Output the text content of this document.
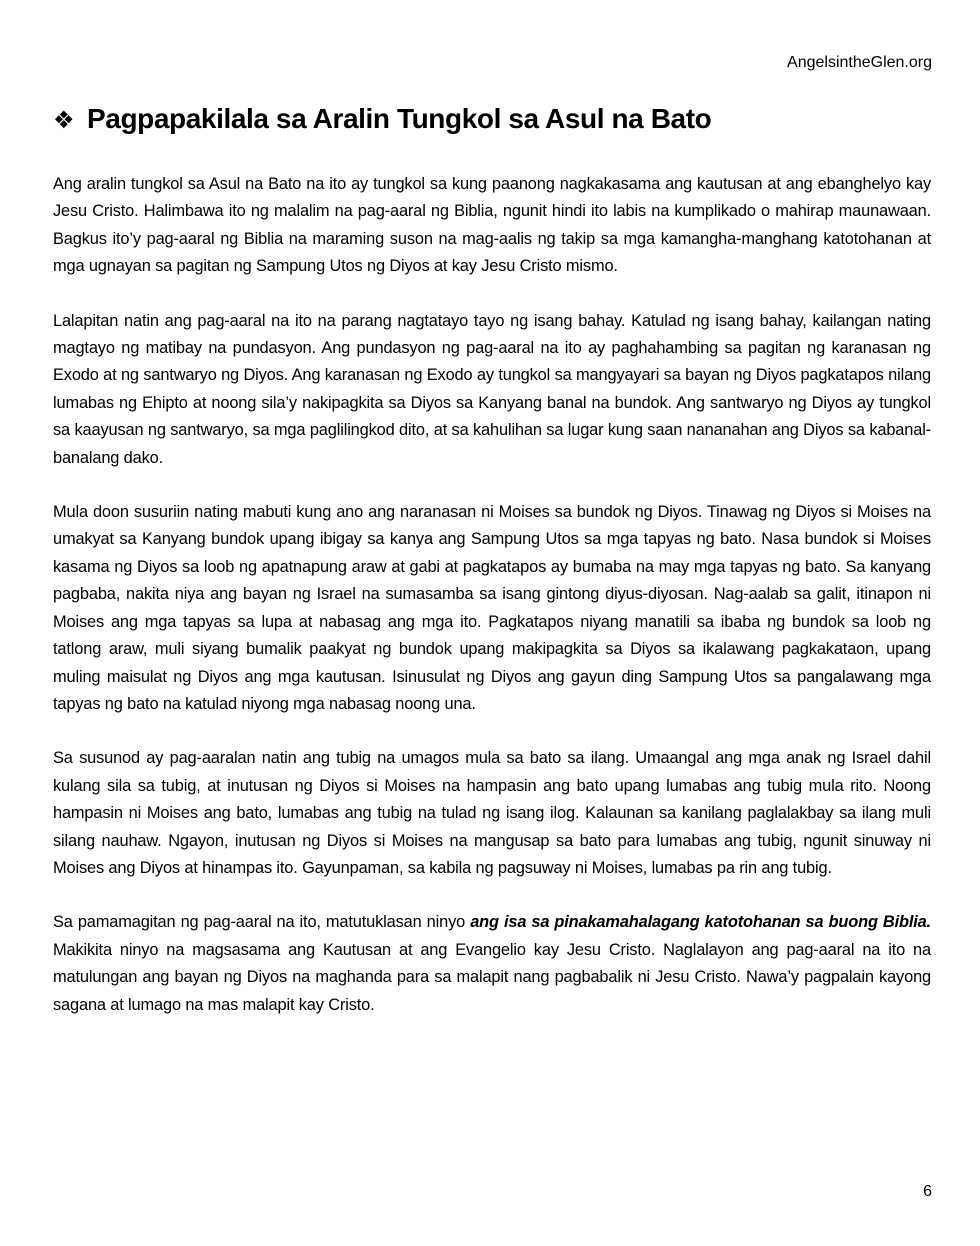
AngelsintheGlen.org
❖ Pagpapakilala sa Aralin Tungkol sa Asul na Bato

Ang aralin tungkol sa Asul na Bato na ito ay tungkol sa kung paanong nagkakasama ang kautusan at ang ebanghelyo kay Jesu Cristo. Halimbawa ito ng malalim na pag-aaral ng Biblia, ngunit hindi ito labis na kumplikado o mahirap maunawaan. Bagkus ito’y pag-aaral ng Biblia na maraming suson na mag-aalis ng takip sa mga kamangha-manghang katotohanan at mga ugnayan sa pagitan ng Sampung Utos ng Diyos at kay Jesu Cristo mismo.

Lalapitan natin ang pag-aaral na ito na parang nagtatayo tayo ng isang bahay. Katulad ng isang bahay, kailangan nating magtayo ng matibay na pundasyon. Ang pundasyon ng pag-aaral na ito ay paghahambing sa pagitan ng karanasan ng Exodo at ng santwaryo ng Diyos. Ang karanasan ng Exodo ay tungkol sa mangyayari sa bayan ng Diyos pagkatapos nilang lumabas ng Ehipto at noong sila’y nakipagkita sa Diyos sa Kanyang banal na bundok. Ang santwaryo ng Diyos ay tungkol sa kaayusan ng santwaryo, sa mga paglilingkod dito, at sa kahulihan sa lugar kung saan nananahan ang Diyos sa kabanal-banalang dako.

Mula doon susuriin nating mabuti kung ano ang naranasan ni Moises sa bundok ng Diyos. Tinawag ng Diyos si Moises na umakyat sa Kanyang bundok upang ibigay sa kanya ang Sampung Utos sa mga tapyas ng bato. Nasa bundok si Moises kasama ng Diyos sa loob ng apatnapung araw at gabi at pagkatapos ay bumaba na may mga tapyas ng bato. Sa kanyang pagbaba, nakita niya ang bayan ng Israel na sumasamba sa isang gintong diyus-diyosan. Nag-aalab sa galit, itinapon ni Moises ang mga tapyas sa lupa at nabasag ang mga ito. Pagkatapos niyang manatili sa ibaba ng bundok sa loob ng tatlong araw, muli siyang bumalik paakyat ng bundok upang makipagkita sa Diyos sa ikalawang pagkakataon, upang muling maisulat ng Diyos ang mga kautusan. Isinusulat ng Diyos ang gayun ding Sampung Utos sa pangalawang mga tapyas ng bato na katulad niyong mga nabasag noong una.

Sa susunod ay pag-aaralan natin ang tubig na umagos mula sa bato sa ilang. Umaangal ang mga anak ng Israel dahil kulang sila sa tubig, at inutusan ng Diyos si Moises na hampasin ang bato upang lumabas ang tubig mula rito. Noong hampasin ni Moises ang bato, lumabas ang tubig na tulad ng isang ilog. Kalaunan sa kanilang paglalakbay sa ilang muli silang nauhaw. Ngayon, inutusan ng Diyos si Moises na mangusap sa bato para lumabas ang tubig, ngunit sinuway ni Moises ang Diyos at hinampas ito. Gayunpaman, sa kabila ng pagsuway ni Moises, lumabas pa rin ang tubig.

Sa pamamagitan ng pag-aaral na ito, matutuklasan ninyo ang isa sa pinakamahalagang katotohanan sa buong Biblia. Makikita ninyo na magsasama ang Kautusan at ang Evangelio kay Jesu Cristo. Naglalayon ang pag-aaral na ito na matulungan ang bayan ng Diyos na maghanda para sa malapit nang pagbabalik ni Jesu Cristo. Nawa’y pagpalain kayong sagana at lumago na mas malapit kay Cristo.

6
